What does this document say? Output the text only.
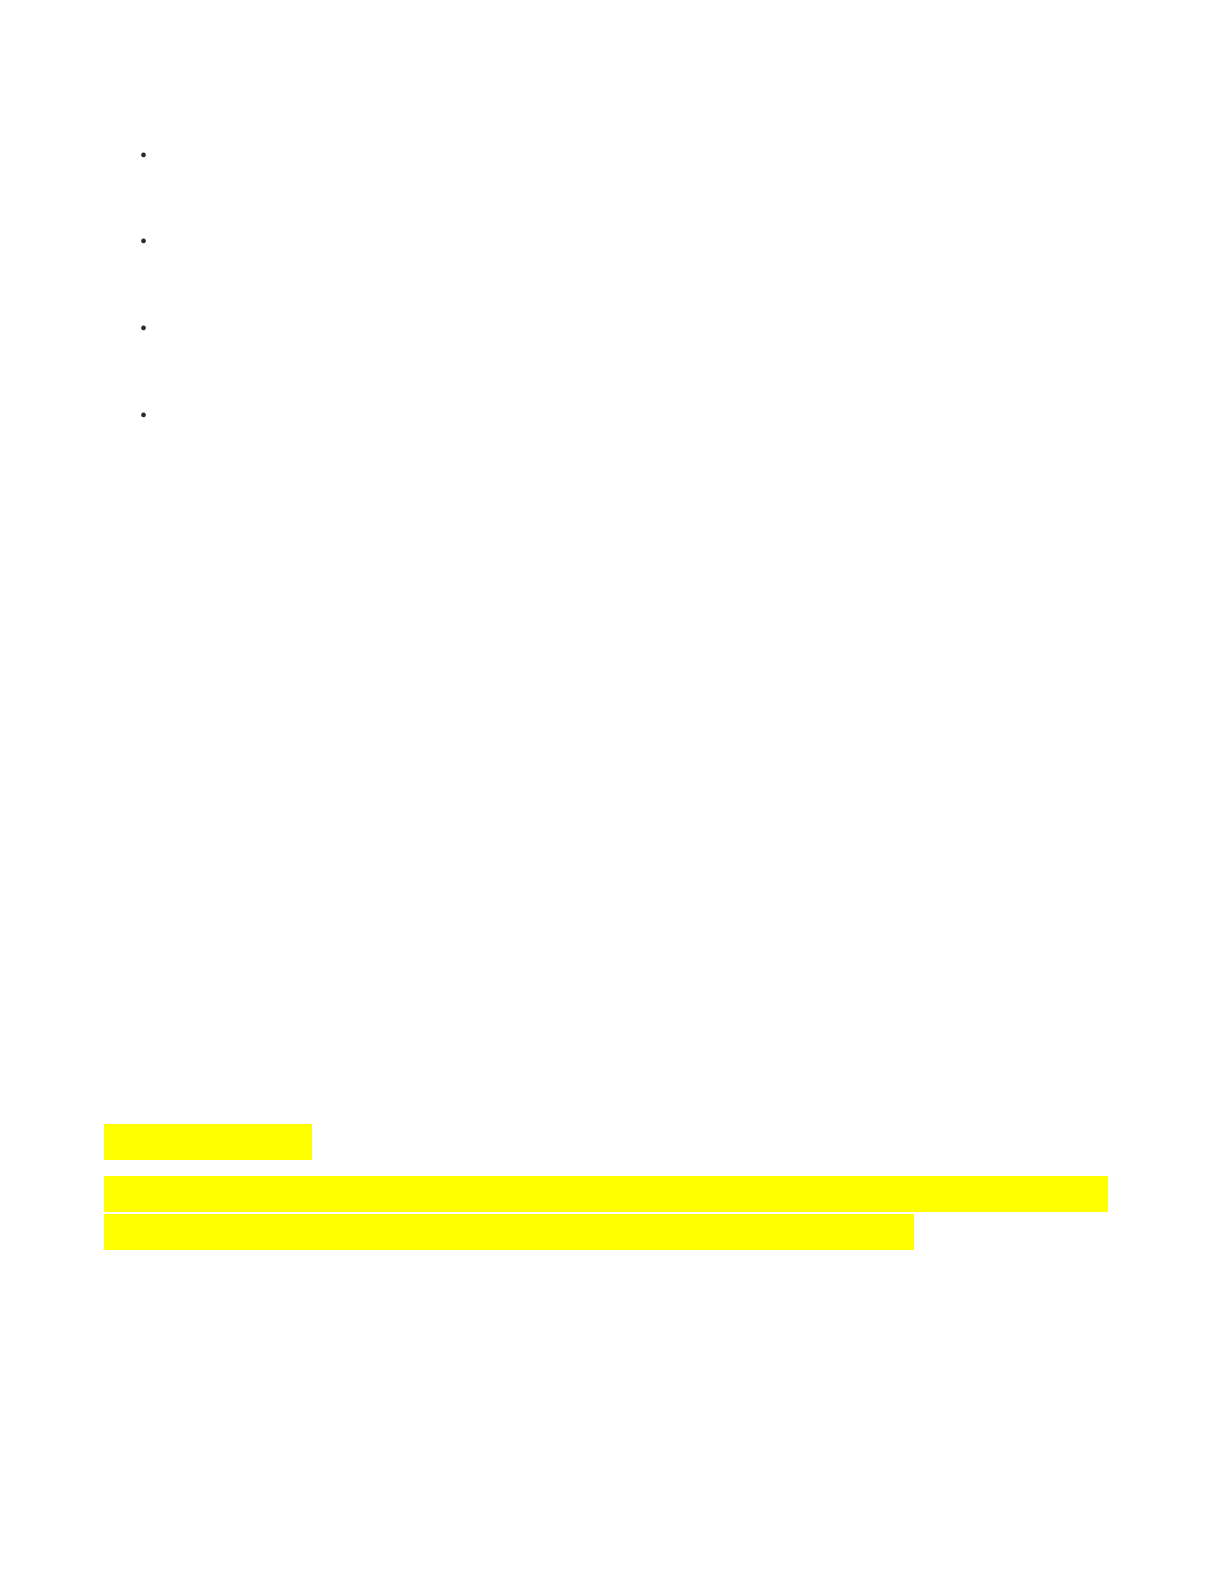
•
•
•
•
